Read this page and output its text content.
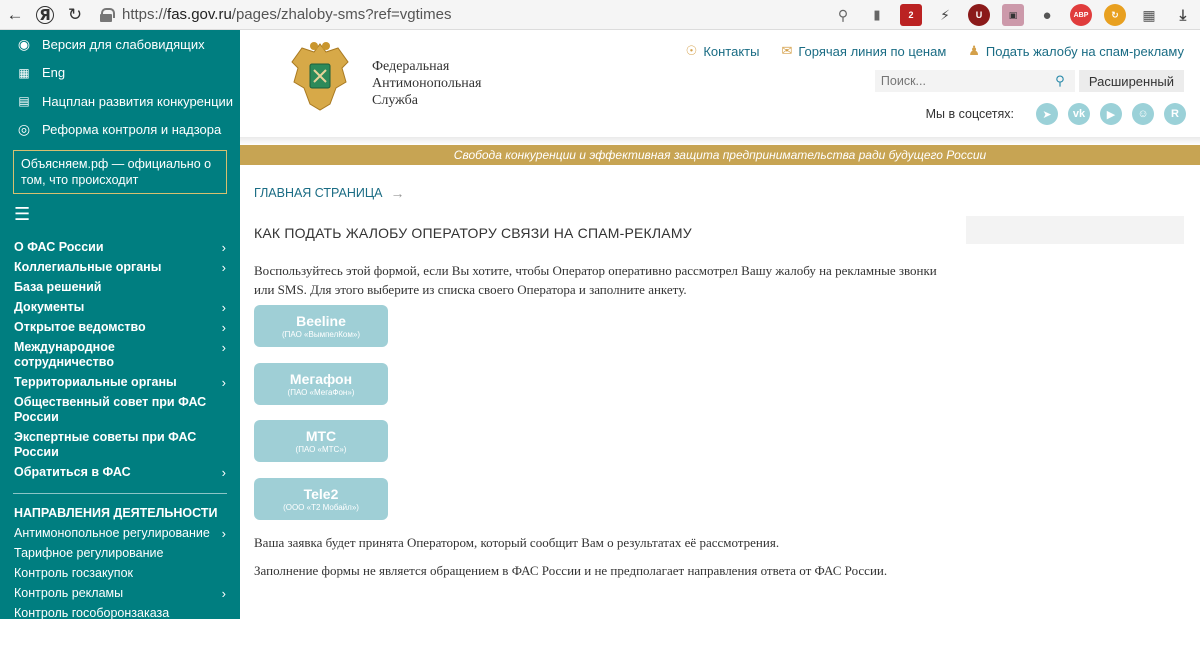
←	Я	↻	https:// fas.gov.ru /pages/zhaloby-sms?ref=vgtimes	⚲	▮	2	⚡	U	▣	●	ABP	↻	▦	⤓
◉ Версия для слабовидящих
▦ Eng
▤ Нацплан развития конкуренции
◎ Реформа контроля и надзора
Объясняем.рф — официально о том, что происходит
☰
О ФАС России	›
Коллегиальные органы	›
База решений
Документы	›
Открытое ведомство	›
Международное сотрудничество
›
Территориальные органы	›
Общественный совет при ФАС России
Экспертные советы при ФАС России
Обратиться в ФАС	›
НАПРАВЛЕНИЯ ДЕЯТЕЛЬНОСТИ
Антимонопольное регулирование ›
Тарифное регулирование
Контроль госзакупок
Контроль рекламы	›
Контроль гособоронзаказа
Контроль иностранных инвестиций
Федеральная
Антимонопольная
Служба
☉ Контакты ✉ Горячая линия по ценам ♟ Подать жалобу на спам-рекламу
Поиск...
⚲	Расширенный
Мы в соцсетях:	➤	vk	▶	☺	R
Свобода конкуренции и эффективная защита предпринимательства ради будущего России
ГЛАВНАЯ СТРАНИЦА →
КАК ПОДАТЬ ЖАЛОБУ ОПЕРАТОРУ СВЯЗИ НА СПАМ-РЕКЛАМУ
Воспользуйтесь этой формой, если Вы хотите, чтобы Оператор оперативно рассмотрел Вашу жалобу на рекламные звонки или SMS. Для этого выберите из списка своего Оператора и заполните анкету.
Beeline
(ПАО «ВымпелКом»)
Мегафон
(ПАО «МегаФон»)
МТС
(ПАО «МТС»)
Tele2
(ООО «Т2 Мобайл»)
Ваша заявка будет принята Оператором, который сообщит Вам о результатах её рассмотрения.
Заполнение формы не является обращением в ФАС России и не предполагает направления ответа от ФАС России.
